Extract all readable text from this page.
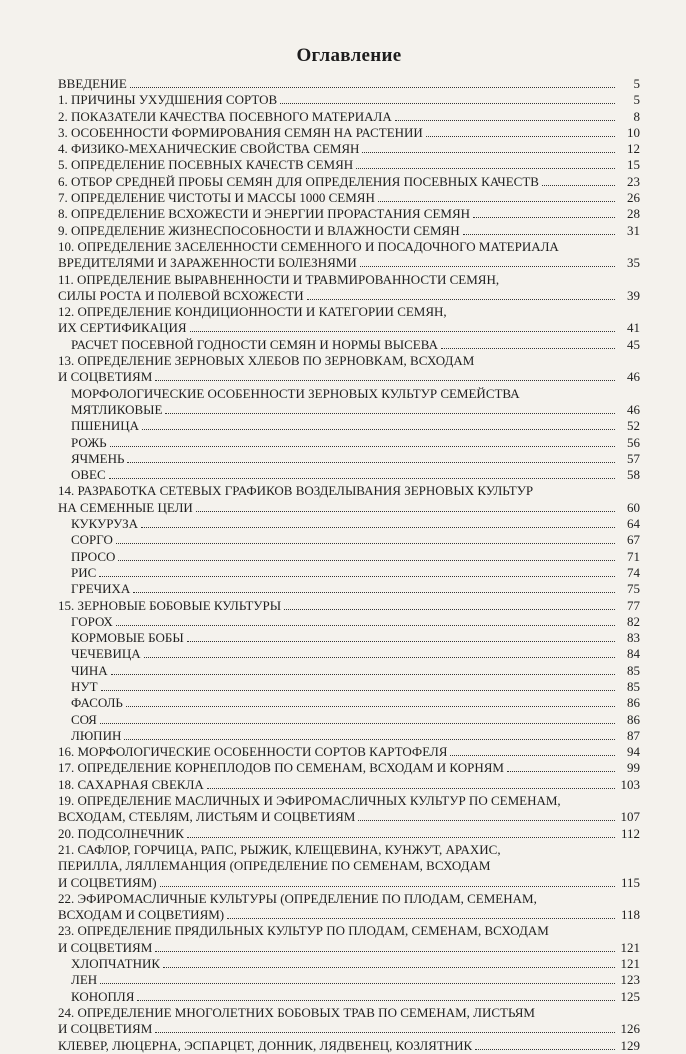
Оглавление
ВВЕДЕНИЕ	5
1. ПРИЧИНЫ УХУДШЕНИЯ СОРТОВ	5
2. ПОКАЗАТЕЛИ КАЧЕСТВА ПОСЕВНОГО МАТЕРИАЛА	8
3. ОСОБЕННОСТИ ФОРМИРОВАНИЯ СЕМЯН НА РАСТЕНИИ	10
4. ФИЗИКО-МЕХАНИЧЕСКИЕ СВОЙСТВА СЕМЯН	12
5. ОПРЕДЕЛЕНИЕ ПОСЕВНЫХ КАЧЕСТВ СЕМЯН	15
6. ОТБОР СРЕДНЕЙ ПРОБЫ СЕМЯН ДЛЯ ОПРЕДЕЛЕНИЯ ПОСЕВНЫХ КАЧЕСТВ	23
7. ОПРЕДЕЛЕНИЕ ЧИСТОТЫ И МАССЫ 1000 СЕМЯН	26
8. ОПРЕДЕЛЕНИЕ ВСХОЖЕСТИ И ЭНЕРГИИ ПРОРАСТАНИЯ СЕМЯН	28
9. ОПРЕДЕЛЕНИЕ ЖИЗНЕСПОСОБНОСТИ И ВЛАЖНОСТИ СЕМЯН	31
10. ОПРЕДЕЛЕНИЕ ЗАСЕЛЕННОСТИ СЕМЕННОГО И ПОСАДОЧНОГО МАТЕРИАЛА
ВРЕДИТЕЛЯМИ И ЗАРАЖЕННОСТИ БОЛЕЗНЯМИ	35
11. ОПРЕДЕЛЕНИЕ ВЫРАВНЕННОСТИ И ТРАВМИРОВАННОСТИ СЕМЯН,
СИЛЫ РОСТА И ПОЛЕВОЙ ВСХОЖЕСТИ	39
12. ОПРЕДЕЛЕНИЕ КОНДИЦИОННОСТИ И КАТЕГОРИИ СЕМЯН,
ИХ СЕРТИФИКАЦИЯ	41
РАСЧЕТ ПОСЕВНОЙ ГОДНОСТИ СЕМЯН И НОРМЫ ВЫСЕВА	45
13. ОПРЕДЕЛЕНИЕ ЗЕРНОВЫХ ХЛЕБОВ ПО ЗЕРНОВКАМ, ВСХОДАМ
И СОЦВЕТИЯМ	46
МОРФОЛОГИЧЕСКИЕ ОСОБЕННОСТИ ЗЕРНОВЫХ КУЛЬТУР СЕМЕЙСТВА
МЯТЛИКОВЫЕ	46
ПШЕНИЦА	52
РОЖЬ	56
ЯЧМЕНЬ	57
ОВЕС	58
14. РАЗРАБОТКА СЕТЕВЫХ ГРАФИКОВ ВОЗДЕЛЫВАНИЯ ЗЕРНОВЫХ КУЛЬТУР
НА СЕМЕННЫЕ ЦЕЛИ	60
КУКУРУЗА	64
СОРГО	67
ПРОСО	71
РИС	74
ГРЕЧИХА	75
15. ЗЕРНОВЫЕ БОБОВЫЕ КУЛЬТУРЫ	77
ГОРОХ	82
КОРМОВЫЕ БОБЫ	83
ЧЕЧЕВИЦА	84
ЧИНА	85
НУТ	85
ФАСОЛЬ	86
СОЯ	86
ЛЮПИН	87
16. МОРФОЛОГИЧЕСКИЕ ОСОБЕННОСТИ СОРТОВ КАРТОФЕЛЯ	94
17. ОПРЕДЕЛЕНИЕ КОРНЕПЛОДОВ ПО СЕМЕНАМ, ВСХОДАМ И КОРНЯМ	99
18. САХАРНАЯ СВЕКЛА	103
19. ОПРЕДЕЛЕНИЕ МАСЛИЧНЫХ И ЭФИРОМАСЛИЧНЫХ КУЛЬТУР ПО СЕМЕНАМ,
ВСХОДАМ, СТЕБЛЯМ, ЛИСТЬЯМ И СОЦВЕТИЯМ	107
20. ПОДСОЛНЕЧНИК	112
21. САФЛОР, ГОРЧИЦА, РАПС, РЫЖИК, КЛЕЩЕВИНА, КУНЖУТ, АРАХИС,
ПЕРИЛЛА, ЛЯЛЛЕМАНЦИЯ (ОПРЕДЕЛЕНИЕ ПО СЕМЕНАМ, ВСХОДАМ
И СОЦВЕТИЯМ)	115
22. ЭФИРОМАСЛИЧНЫЕ КУЛЬТУРЫ (ОПРЕДЕЛЕНИЕ ПО ПЛОДАМ, СЕМЕНАМ,
ВСХОДАМ И СОЦВЕТИЯМ)	118
23. ОПРЕДЕЛЕНИЕ ПРЯДИЛЬНЫХ КУЛЬТУР ПО ПЛОДАМ, СЕМЕНАМ, ВСХОДАМ
И СОЦВЕТИЯМ	121
ХЛОПЧАТНИК	121
ЛЕН	123
КОНОПЛЯ	125
24. ОПРЕДЕЛЕНИЕ МНОГОЛЕТНИХ БОБОВЫХ ТРАВ ПО СЕМЕНАМ, ЛИСТЬЯМ
И СОЦВЕТИЯМ	126
КЛЕВЕР, ЛЮЦЕРНА, ЭСПАРЦЕТ, ДОННИК, ЛЯДВЕНЕЦ, КОЗЛЯТНИК	129
